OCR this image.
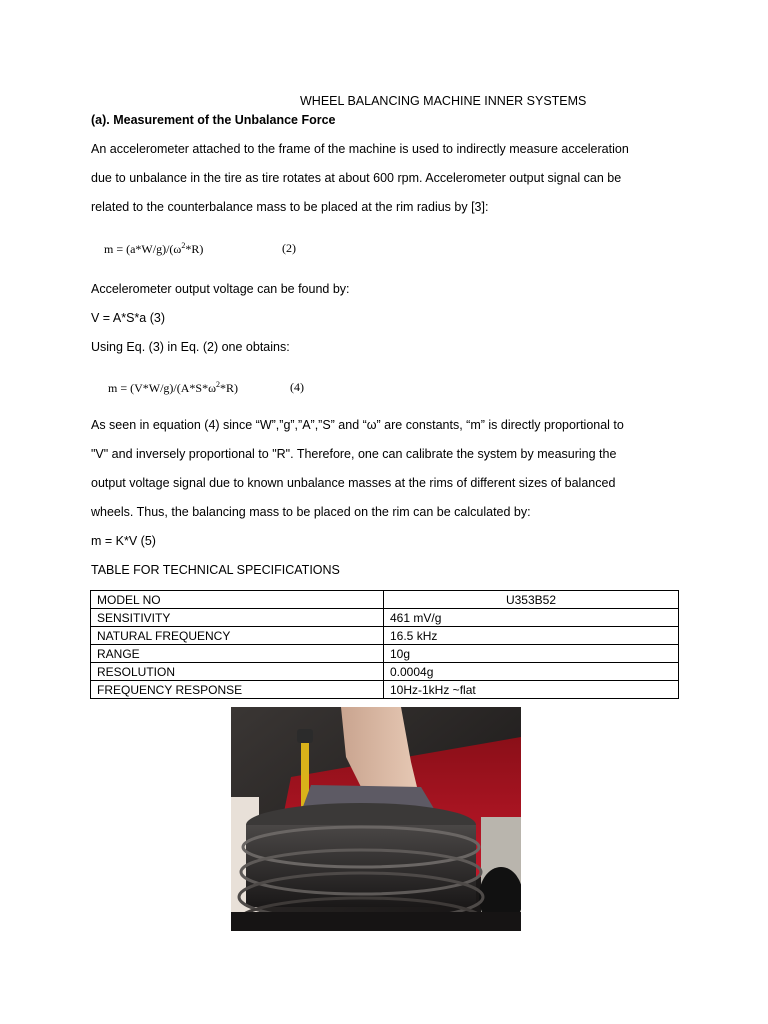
WHEEL BALANCING MACHINE INNER SYSTEMS
(a). Measurement of the Unbalance Force
An accelerometer attached to the frame of the machine is used to indirectly measure acceleration
due to unbalance in the tire as tire rotates at about 600 rpm. Accelerometer output signal can be
related to the counterbalance mass to be placed at the rim radius by [3]:
$m = (a*W/g)/(\omega^2*R)$	(2)
Accelerometer output voltage can be found by:
V = A*S*a (3)
Using Eq. (3) in Eq. (2) one obtains:
$m = (V*W/g)/(A*S*\omega^2*R)$	(4)
As seen in equation (4) since “W”,”g”,”A”,”S” and “ω” are constants, “m” is directly proportional to
"V" and inversely proportional to "R". Therefore, one can calibrate the system by measuring the
output voltage signal due to known unbalance masses at the rims of different sizes of balanced
wheels. Thus, the balancing mass to be placed on the rim can be calculated by:
m = K*V (5)
TABLE FOR TECHNICAL SPECIFICATIONS
MODEL NO	U353B52
SENSITIVITY	461 mV/g
NATURAL FREQUENCY	16.5 kHz
RANGE	10g
RESOLUTION	0.0004g
FREQUENCY RESPONSE	10Hz-1kHz ~flat
